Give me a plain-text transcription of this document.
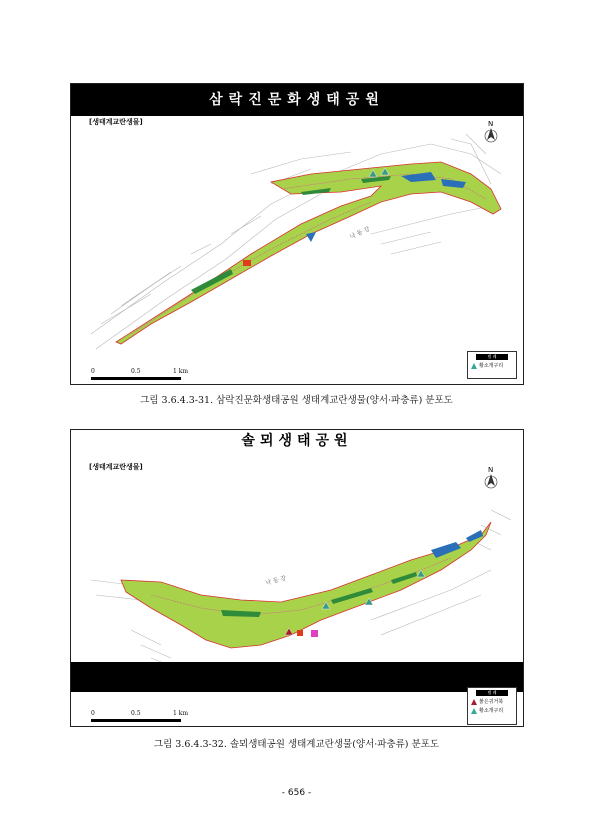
삼락진문화생태공원
[생태계교란생물]
낙 동 강
N
0	0.5	1 km
범 례
황소개구리
그림 3.6.4.3-31. 삼락진문화생태공원 생태계교란생물(양서·파충류) 분포도
솔뫼생태공원
[생태계교란생물]
낙 동 강
N
0	0.5	1 km
범 례
붉은귀거북
황소개구리
그림 3.6.4.3-32. 솔뫼생태공원 생태계교란생물(양서·파충류) 분포도
- 656 -
